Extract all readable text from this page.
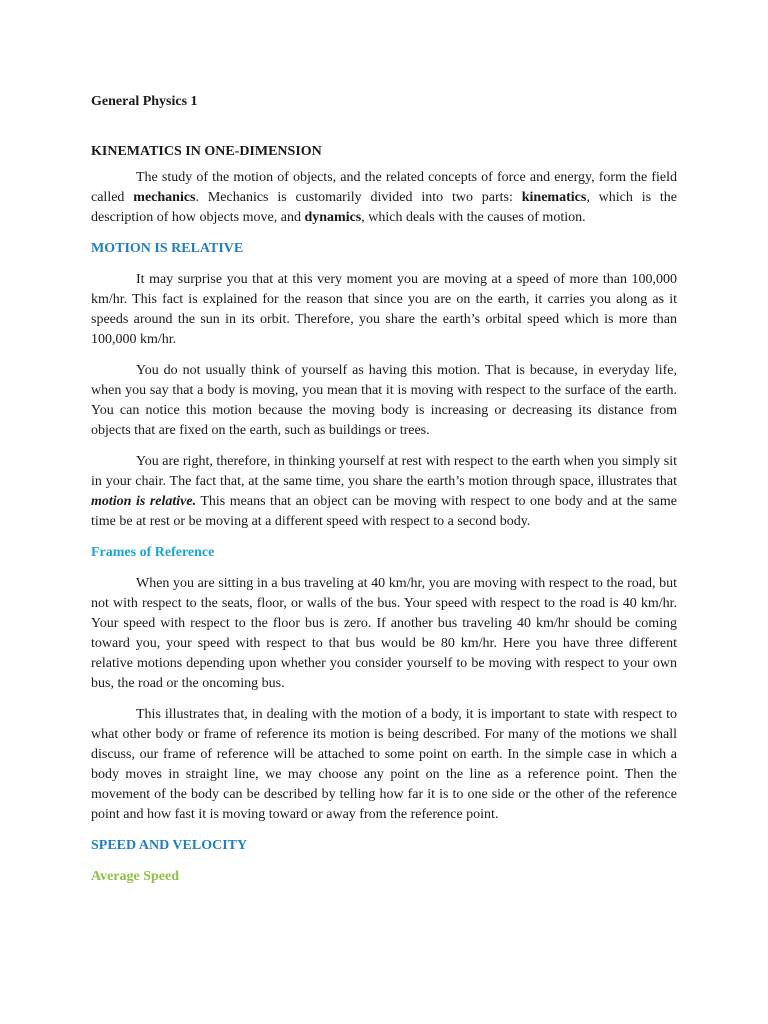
General Physics 1
KINEMATICS IN ONE-DIMENSION

The study of the motion of objects, and the related concepts of force and energy, form the field called mechanics. Mechanics is customarily divided into two parts: kinematics, which is the description of how objects move, and dynamics, which deals with the causes of motion.

MOTION IS RELATIVE

It may surprise you that at this very moment you are moving at a speed of more than 100,000 km/hr. This fact is explained for the reason that since you are on the earth, it carries you along as it speeds around the sun in its orbit. Therefore, you share the earth’s orbital speed which is more than 100,000 km/hr.

You do not usually think of yourself as having this motion. That is because, in everyday life, when you say that a body is moving, you mean that it is moving with respect to the surface of the earth. You can notice this motion because the moving body is increasing or decreasing its distance from objects that are fixed on the earth, such as buildings or trees.

You are right, therefore, in thinking yourself at rest with respect to the earth when you simply sit in your chair. The fact that, at the same time, you share the earth’s motion through space, illustrates that motion is relative. This means that an object can be moving with respect to one body and at the same time be at rest or be moving at a different speed with respect to a second body.

Frames of Reference

When you are sitting in a bus traveling at 40 km/hr, you are moving with respect to the road, but not with respect to the seats, floor, or walls of the bus. Your speed with respect to the road is 40 km/hr. Your speed with respect to the floor bus is zero. If another bus traveling 40 km/hr should be coming toward you, your speed with respect to that bus would be 80 km/hr. Here you have three different relative motions depending upon whether you consider yourself to be moving with respect to your own bus, the road or the oncoming bus.

This illustrates that, in dealing with the motion of a body, it is important to state with respect to what other body or frame of reference its motion is being described. For many of the motions we shall discuss, our frame of reference will be attached to some point on earth. In the simple case in which a body moves in straight line, we may choose any point on the line as a reference point. Then the movement of the body can be described by telling how far it is to one side or the other of the reference point and how fast it is moving toward or away from the reference point.

SPEED AND VELOCITY
Average Speed
